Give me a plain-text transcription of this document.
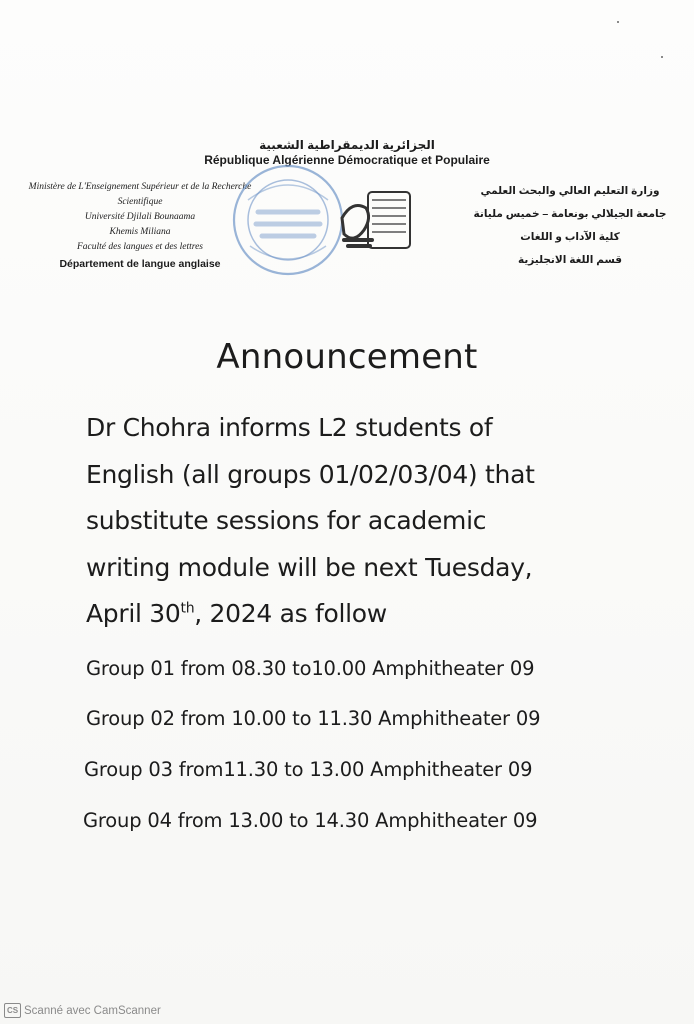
الجزائرية الديمقراطية الشعبية
République Algérienne Démocratique et Populaire
Ministère de L'Enseignement Supérieur et de la Recherche
Scientifique
Université Djilali Bounaama
Khemis Miliana
Faculté des langues et des lettres
Département de langue anglaise
وزارة التعليم العالي والبحث العلمي
جامعة الجيلالي بونعامة – خميس مليانة
كلية الآداب و اللغات
قسم اللغة الانجليزية
Announcement
Dr Chohra informs L2 students of
English (all groups 01/02/03/04) that
substitute sessions for academic
writing module will be next Tuesday,
April 30th, 2024 as follow
Group 01 from 08.30 to10.00 Amphitheater 09
Group 02 from 10.00 to 11.30 Amphitheater 09
Group 03 from11.30 to 13.00 Amphitheater 09
Group 04 from 13.00 to 14.30 Amphitheater 09
CS Scanné avec CamScanner
